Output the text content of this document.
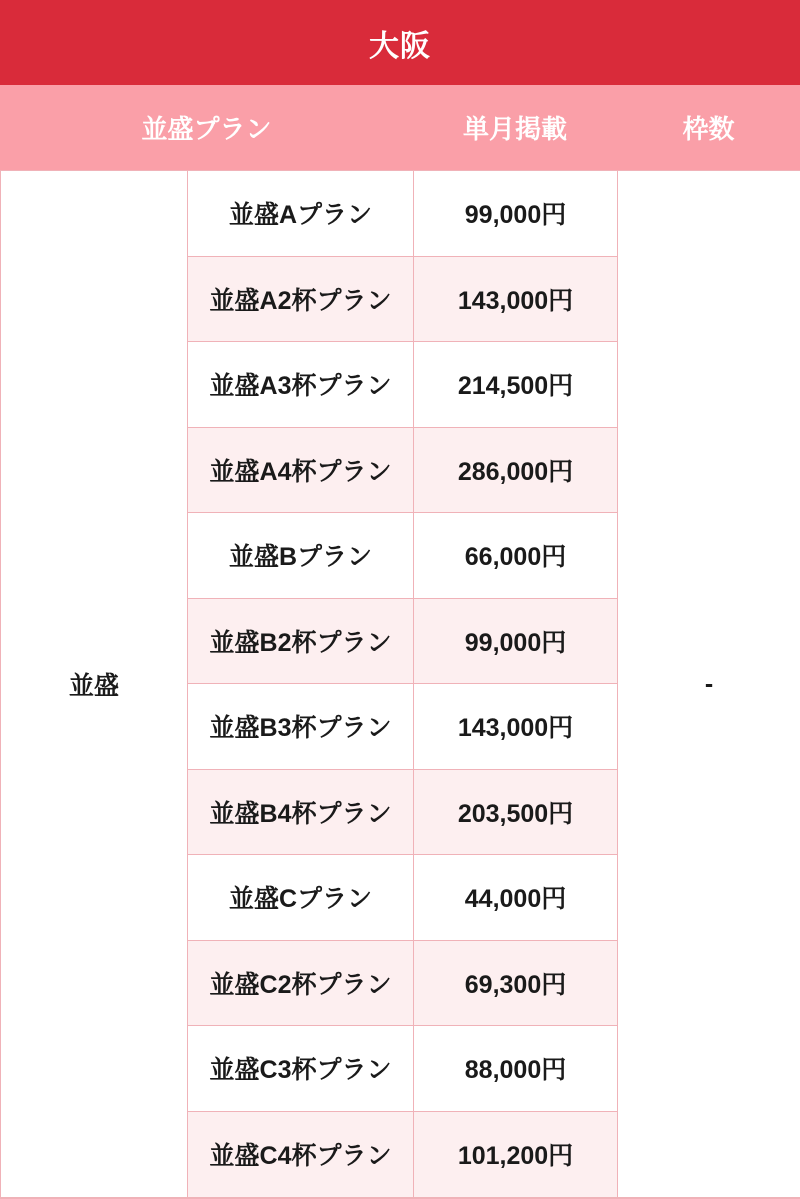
大阪
並盛プラン	単月掲載	枠数
並盛	並盛Aプラン	99,000円	-
	並盛A2杯プラン	143,000円	
	並盛A3杯プラン	214,500円	
	並盛A4杯プラン	286,000円	
	並盛Bプラン	66,000円	
	並盛B2杯プラン	99,000円	
	並盛B3杯プラン	143,000円	
	並盛B4杯プラン	203,500円	
	並盛Cプラン	44,000円	
	並盛C2杯プラン	69,300円	
	並盛C3杯プラン	88,000円	
	並盛C4杯プラン	101,200円	
